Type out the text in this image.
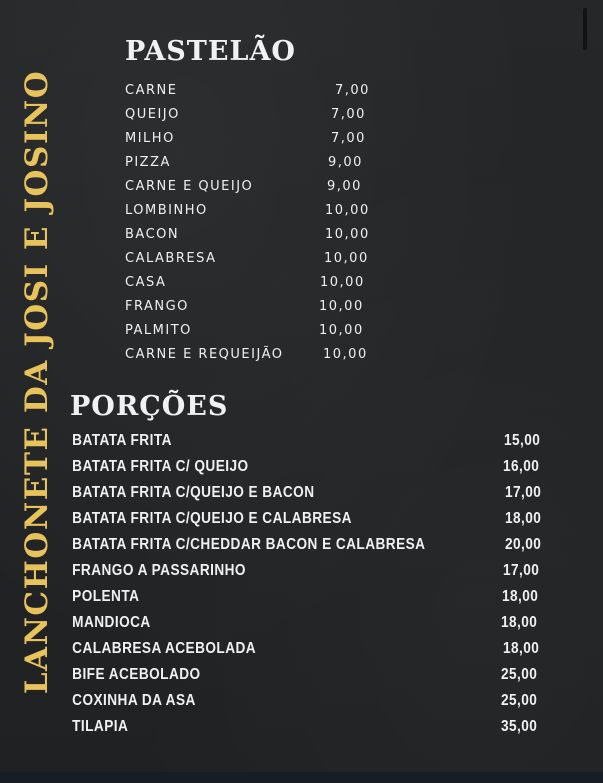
LANCHONETE DA JOSI E JOSINO
PASTELÃO
CARNE	7,00
QUEIJO	7,00
MILHO	7,00
PIZZA	9,00
CARNE E QUEIJO	9,00
LOMBINHO	10,00
BACON	10,00
CALABRESA	10,00
CASA	10,00
FRANGO	10,00
PALMITO	10,00
CARNE E REQUEIJÃO	10,00
PORÇÕES
BATATA FRITA	15,00
BATATA FRITA C/ QUEIJO	16,00
BATATA FRITA C/QUEIJO E BACON	17,00
BATATA FRITA C/QUEIJO E CALABRESA	18,00
BATATA FRITA C/CHEDDAR BACON E CALABRESA	20,00
FRANGO A PASSARINHO	17,00
POLENTA	18,00
MANDIOCA	18,00
CALABRESA ACEBOLADA	18,00
BIFE ACEBOLADO	25,00
COXINHA DA ASA	25,00
TILAPIA	35,00
